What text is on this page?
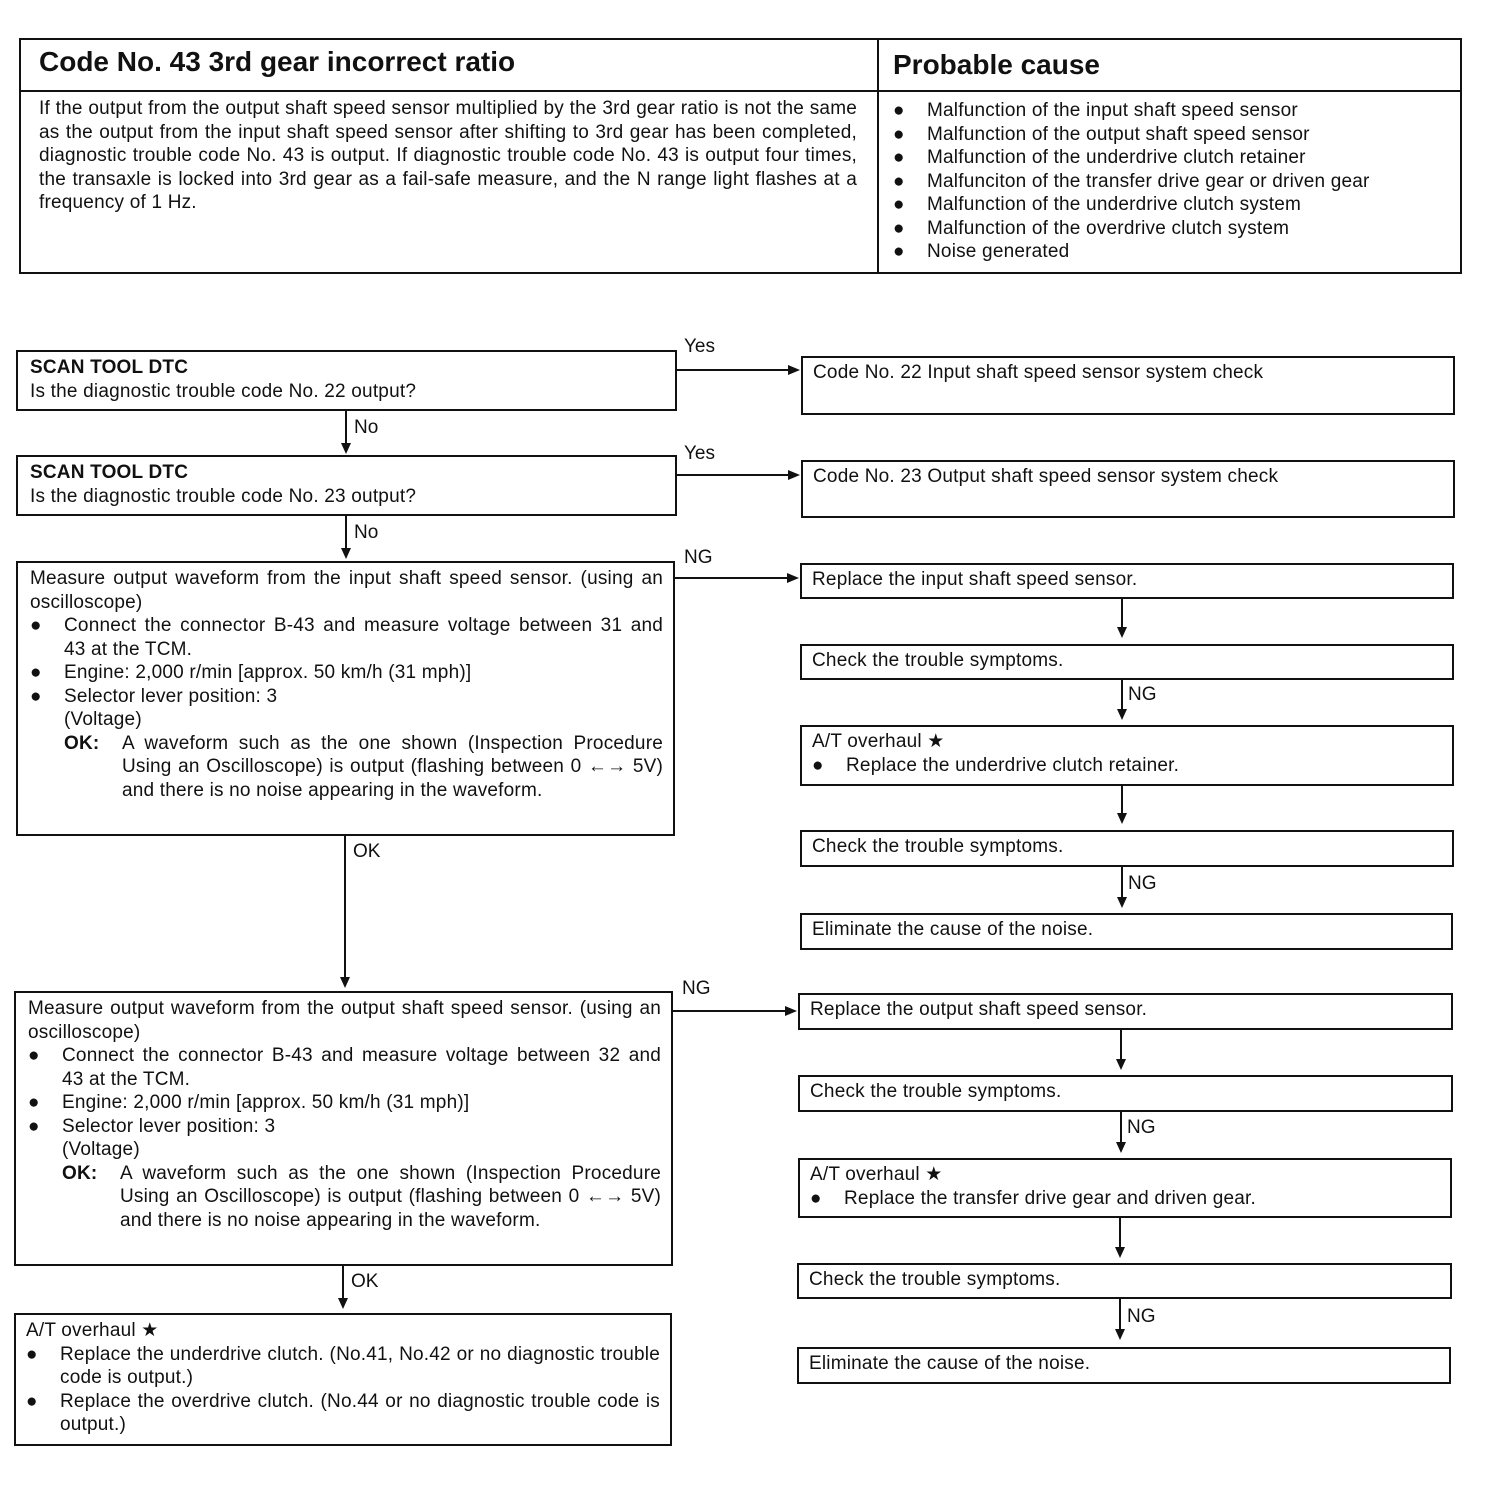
Code No. 43 3rd gear incorrect ratio	Probable cause
If the output from the output shaft speed sensor multiplied by the 3rd gear ratio is not the same as the output from the input shaft speed sensor after shifting to 3rd gear has been completed, diagnostic trouble code No. 43 is output. If diagnostic trouble code No. 43 is output four times, the transaxle is locked into 3rd gear as a fail-safe measure, and the N range light flashes at a frequency of 1 Hz.
●	Malfunction of the input shaft speed sensor
●	Malfunction of the output shaft speed sensor
●	Malfunction of the underdrive clutch retainer
●	Malfunciton of the transfer drive gear or driven gear
●	Malfunction of the underdrive clutch system
●	Malfunction of the overdrive clutch system
●	Noise generated
SCAN TOOL DTC
Is the diagnostic trouble code No. 22 output?
Yes
Code No. 22 Input shaft speed sensor system check
No
SCAN TOOL DTC
Is the diagnostic trouble code No. 23 output?
Yes
Code No. 23 Output shaft speed sensor system check
No
Measure output waveform from the input shaft speed sensor. (using an oscilloscope)
●	Connect the connector B-43 and measure voltage between 31 and 43 at the TCM.
●	Engine: 2,000 r/min [approx. 50 km/h (31 mph)]
●	Selector lever position: 3
(Voltage)
OK:	A waveform such as the one shown (Inspection Procedure Using an Oscilloscope) is output (flashing between 0 ←→ 5V) and there is no noise appearing in the waveform.
NG
OK
Replace the input shaft speed sensor.
Check the trouble symptoms.
NG
A/T overhaul ★
●	Replace the underdrive clutch retainer.
Check the trouble symptoms.
NG
Eliminate the cause of the noise.
Measure output waveform from the output shaft speed sensor. (using an oscilloscope)
●	Connect the connector B-43 and measure voltage between 32 and 43 at the TCM.
●	Engine: 2,000 r/min [approx. 50 km/h (31 mph)]
●	Selector lever position: 3
(Voltage)
OK:	A waveform such as the one shown (Inspection Procedure Using an Oscilloscope) is output (flashing between 0 ←→ 5V) and there is no noise appearing in the waveform.
NG
OK
Replace the output shaft speed sensor.
Check the trouble symptoms.
NG
A/T overhaul ★
●	Replace the transfer drive gear and driven gear.
Check the trouble symptoms.
NG
Eliminate the cause of the noise.
A/T overhaul ★
●	Replace the underdrive clutch. (No.41, No.42 or no diagnostic trouble code is output.)
●	Replace the overdrive clutch. (No.44 or no diagnostic trouble code is output.)
